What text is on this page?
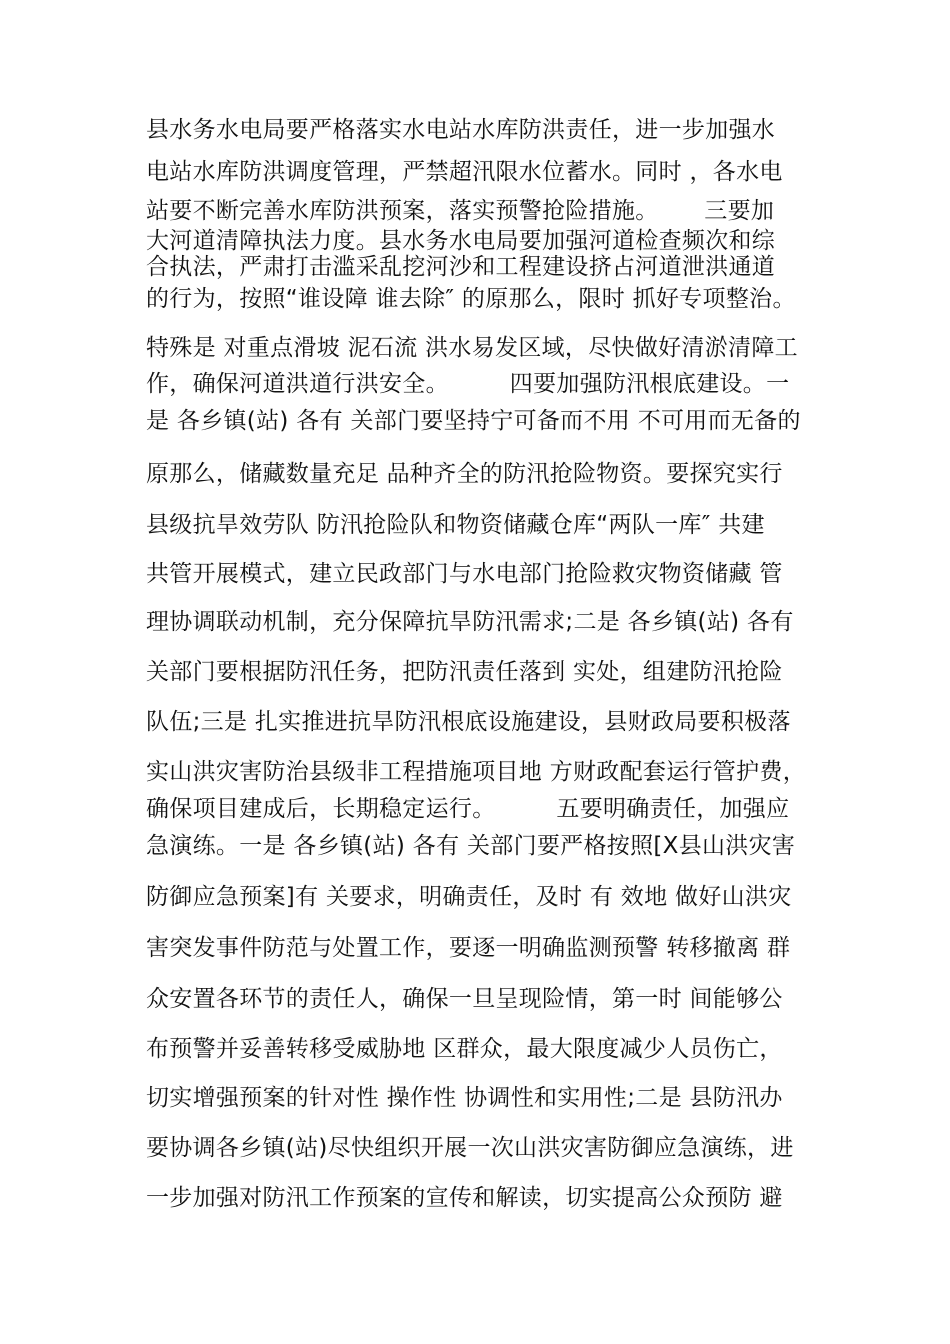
县水务水电局要严格落实水电站水库防洪责任，进一步加强水
电站水库防洪调度管理，严禁超汛限水位蓄水。同时 ，各水电
站要不断完善水库防洪预案，落实预警抢险措施。      三要加
大河道清障执法力度。县水务水电局要加强河道检查频次和综
合执法，严肃打击滥采乱挖河沙和工程建设挤占河道泄洪通道
的行为，按照“谁设障 谁去除″ 的原那么，限时 抓好专项整治。
特殊是 对重点滑坡 泥石流 洪水易发区域，尽快做好清淤清障工
作，确保河道洪道行洪安全。        四要加强防汛根底建设。一
是 各乡镇(站) 各有 关部门要坚持宁可备而不用 不可用而无备的
原那么，储藏数量充足 品种齐全的防汛抢险物资。要探究实行
县级抗旱效劳队 防汛抢险队和物资储藏仓库“两队一库″ 共建
共管开展模式，建立民政部门与水电部门抢险救灾物资储藏 管
理协调联动机制，充分保障抗旱防汛需求;二是 各乡镇(站) 各有
关部门要根据防汛任务，把防汛责任落到 实处，组建防汛抢险
队伍;三是 扎实推进抗旱防汛根底设施建设，县财政局要积极落
实山洪灾害防治县级非工程措施项目地 方财政配套运行管护费，
确保项目建成后，长期稳定运行。        五要明确责任，加强应
急演练。一是 各乡镇(站) 各有 关部门要严格按照[X县山洪灾害
防御应急预案]有 关要求，明确责任，及时 有 效地 做好山洪灾
害突发事件防范与处置工作，要逐一明确监测预警 转移撤离 群
众安置各环节的责任人，确保一旦呈现险情，第一时 间能够公
布预警并妥善转移受威胁地 区群众，最大限度减少人员伤亡，
切实增强预案的针对性 操作性 协调性和实用性;二是 县防汛办
要协调各乡镇(站)尽快组织开展一次山洪灾害防御应急演练，进
一步加强对防汛工作预案的宣传和解读，切实提高公众预防 避
